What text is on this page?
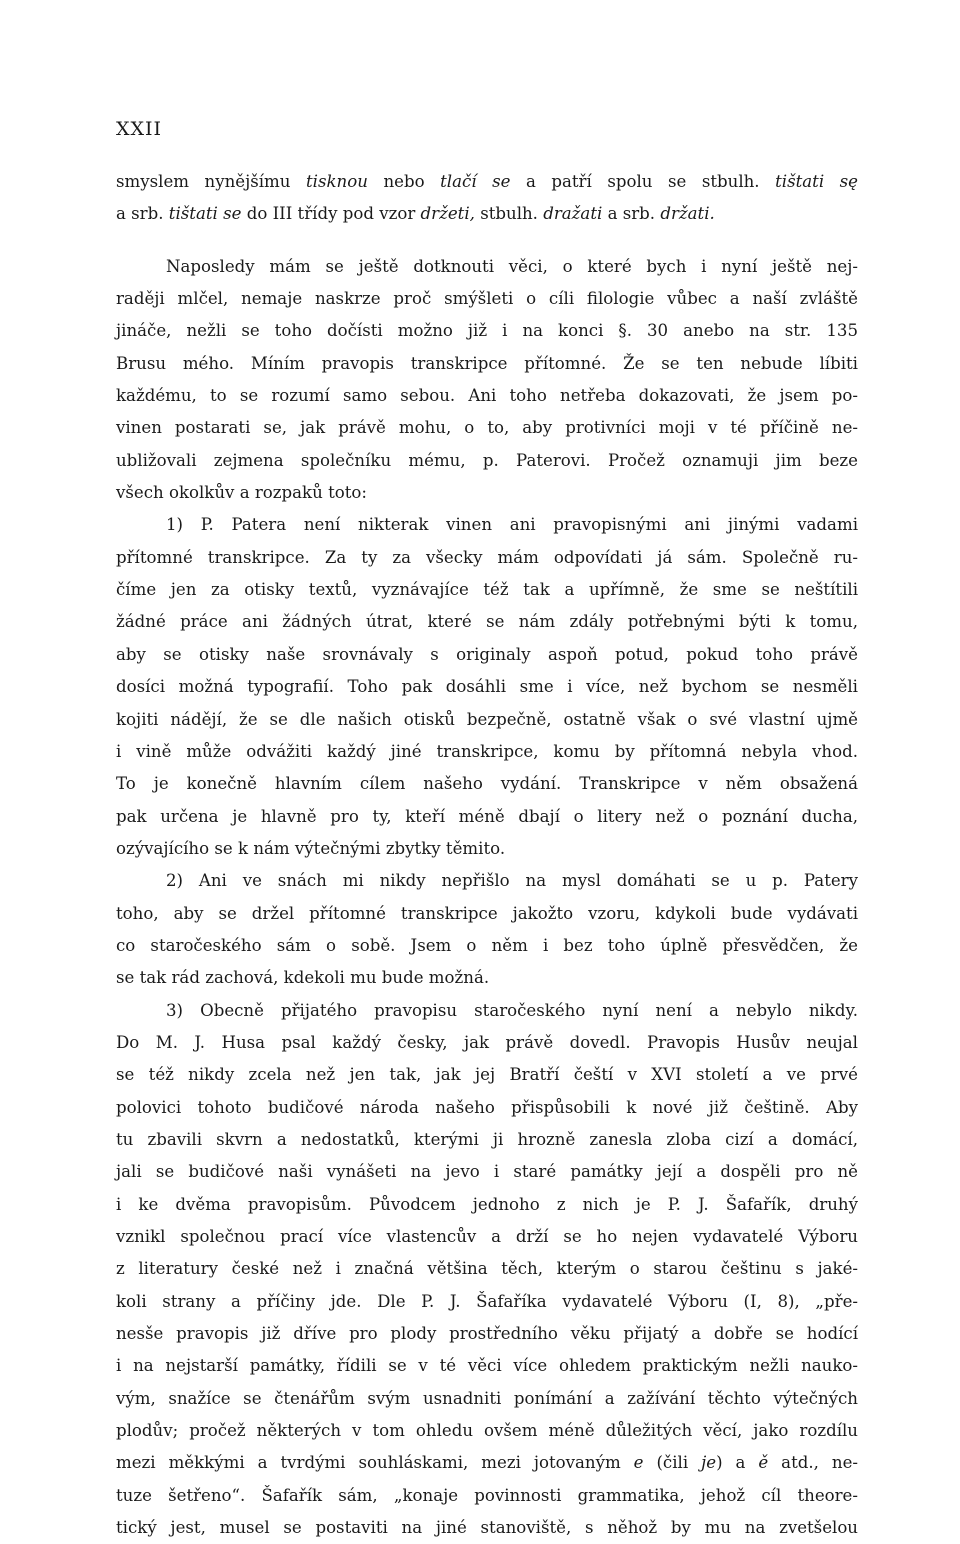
XXII
smyslem nynějšímu tisknou nebo tlačí se a patří spolu se stbulh. tištati sę
a srb. tištati se do III třídy pod vzor držeti, stbulh. dražati a srb. držati.
Naposledy mám se ještě dotknouti věci, o které bych i nyní ještě nej-
raději mlčel, nemaje naskrze proč smýšleti o cíli filologie vůbec a naší zvláště
jináče, nežli se toho dočísti možno již i na konci §. 30 anebo na str. 135
Brusu mého. Míním pravopis transkripce přítomné. Že se ten nebude líbiti
každému, to se rozumí samo sebou. Ani toho netřeba dokazovati, že jsem po-
vinen postarati se, jak právě mohu, o to, aby protivníci moji v té příčině ne-
ubližovali zejmena společníku mému, p. Paterovi. Pročež oznamuji jim beze
všech okolkův a rozpaků toto:
1) P. Patera není nikterak vinen ani pravopisnými ani jinými vadami
přítomné transkripce. Za ty za všecky mám odpovídati já sám. Společně ru-
číme jen za otisky textů, vyznávajíce též tak a upřímně, že sme se neštítili
žádné práce ani žádných útrat, které se nám zdály potřebnými býti k tomu,
aby se otisky naše srovnávaly s originaly aspoň potud, pokud toho právě
dosíci možná typografií. Toho pak dosáhli sme i více, než bychom se nesměli
kojiti nádějí, že se dle našich otisků bezpečně, ostatně však o své vlastní ujmě
i vině může odvážiti každý jiné transkripce, komu by přítomná nebyla vhod.
To je konečně hlavním cílem našeho vydání. Transkripce v něm obsažená
pak určena je hlavně pro ty, kteří méně dbají o litery než o poznání ducha,
ozývajícího se k nám výtečnými zbytky těmito.
2) Ani ve snách mi nikdy nepřišlo na mysl domáhati se u p. Patery
toho, aby se držel přítomné transkripce jakožto vzoru, kdykoli bude vydávati
co staročeského sám o sobě. Jsem o něm i bez toho úplně přesvědčen, že
se tak rád zachová, kdekoli mu bude možná.
3) Obecně přijatého pravopisu staročeského nyní není a nebylo nikdy.
Do M. J. Husa psal každý česky, jak právě dovedl. Pravopis Husův neujal
se též nikdy zcela než jen tak, jak jej Bratří čeští v XVI století a ve prvé
polovici tohoto budičové národa našeho přispůsobili k nové již češtině. Aby
tu zbavili skvrn a nedostatků, kterými ji hrozně zanesla zloba cizí a domácí,
jali se budičové naši vynášeti na jevo i staré památky její a dospěli pro ně
i ke dvěma pravopisům. Původcem jednoho z nich je P. J. Šafařík, druhý
vznikl společnou prací více vlastencův a drží se ho nejen vydavatelé Výboru
z literatury české než i značná většina těch, kterým o starou češtinu s jaké-
koli strany a příčiny jde. Dle P. J. Šafaříka vydavatelé Výboru (I, 8), „pře-
nesše pravopis již dříve pro plody prostředního věku přijatý a dobře se hodící
i na nejstarší památky, řídili se v té věci více ohledem praktickým nežli nauko-
vým, snažíce se čtenářům svým usnadniti ponímání a zažívání těchto výtečných
plodův; pročež některých v tom ohledu ovšem méně důležitých věcí, jako rozdílu
mezi měkkými a tvrdými souhláskami, mezi jotovaným e (čili je) a ě atd., ne-
tuze šetřeno“. Šafařík sám, „konaje povinnosti grammatika, jehož cíl theore-
tický jest, musel se postaviti na jiné stanoviště, s něhož by mu na zvetšelou
